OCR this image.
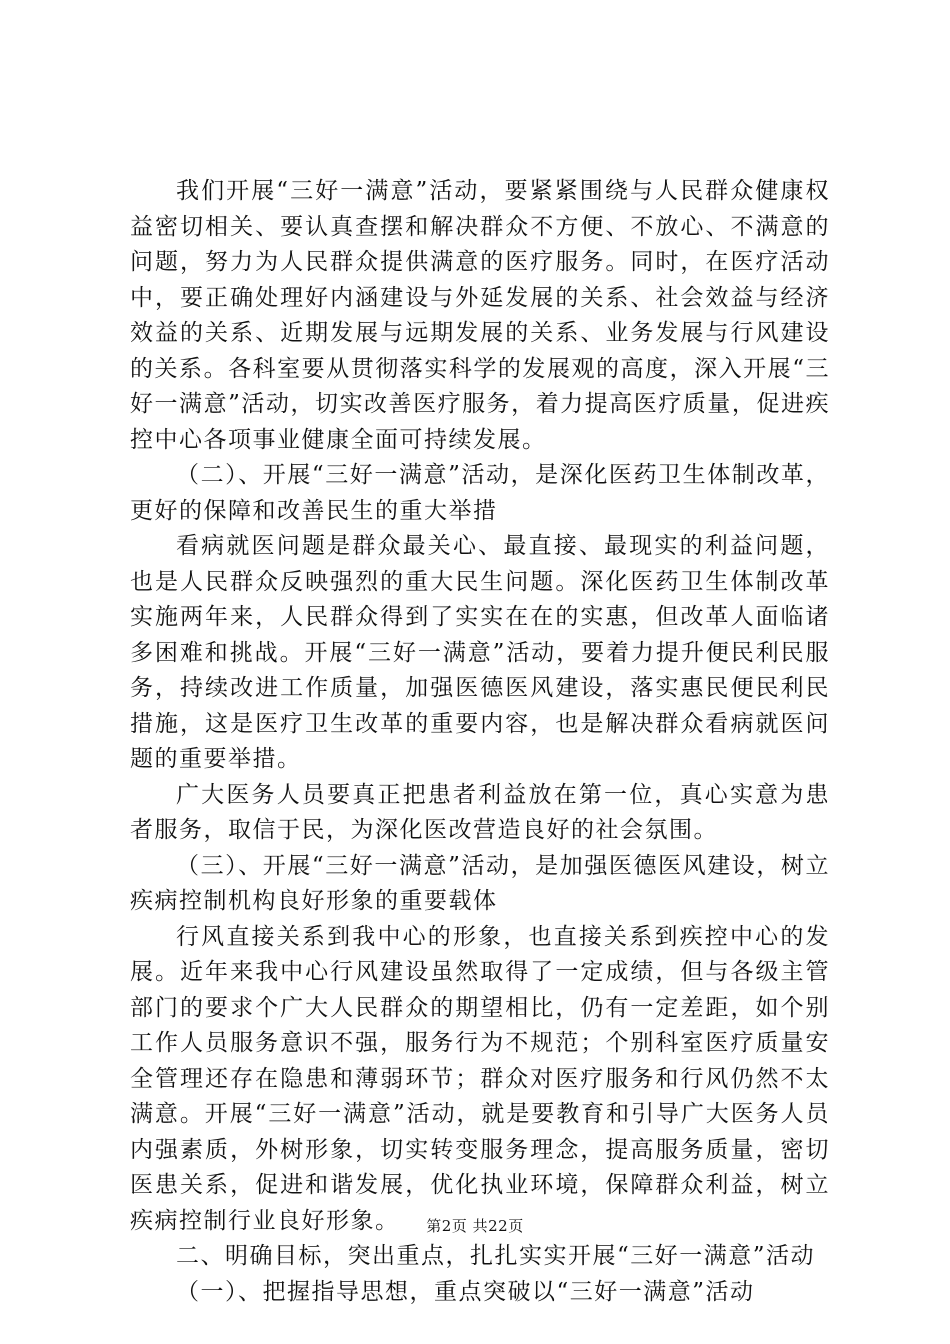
我们开展“三好一满意”活动，要紧紧围绕与人民群众健康权益密切相关、要认真查摆和解决群众不方便、不放心、不满意的问题，努力为人民群众提供满意的医疗服务。同时，在医疗活动中，要正确处理好内涵建设与外延发展的关系、社会效益与经济效益的关系、近期发展与远期发展的关系、业务发展与行风建设的关系。各科室要从贯彻落实科学的发展观的高度，深入开展“三好一满意”活动，切实改善医疗服务，着力提高医疗质量，促进疾控中心各项事业健康全面可持续发展。

（二）、开展“三好一满意”活动，是深化医药卫生体制改革，更好的保障和改善民生的重大举措

看病就医问题是群众最关心、最直接、最现实的利益问题，也是人民群众反映强烈的重大民生问题。深化医药卫生体制改革实施两年来，人民群众得到了实实在在的实惠，但改革人面临诸多困难和挑战。开展“三好一满意”活动，要着力提升便民利民服务，持续改进工作质量，加强医德医风建设，落实惠民便民利民措施，这是医疗卫生改革的重要内容，也是解决群众看病就医问题的重要举措。

广大医务人员要真正把患者利益放在第一位，真心实意为患者服务，取信于民，为深化医改营造良好的社会氛围。

（三）、开展“三好一满意”活动，是加强医德医风建设，树立疾病控制机构良好形象的重要载体

行风直接关系到我中心的形象，也直接关系到疾控中心的发展。近年来我中心行风建设虽然取得了一定成绩，但与各级主管部门的要求个广大人民群众的期望相比，仍有一定差距，如个别工作人员服务意识不强，服务行为不规范；个别科室医疗质量安全管理还存在隐患和薄弱环节；群众对医疗服务和行风仍然不太满意。开展“三好一满意”活动，就是要教育和引导广大医务人员内强素质，外树形象，切实转变服务理念，提高服务质量，密切医患关系，促进和谐发展，优化执业环境，保障群众利益，树立疾病控制行业良好形象。

二、明确目标，突出重点，扎扎实实开展“三好一满意”活动

（一）、把握指导思想，重点突破以“三好一满意”活动

第2页 共22页
